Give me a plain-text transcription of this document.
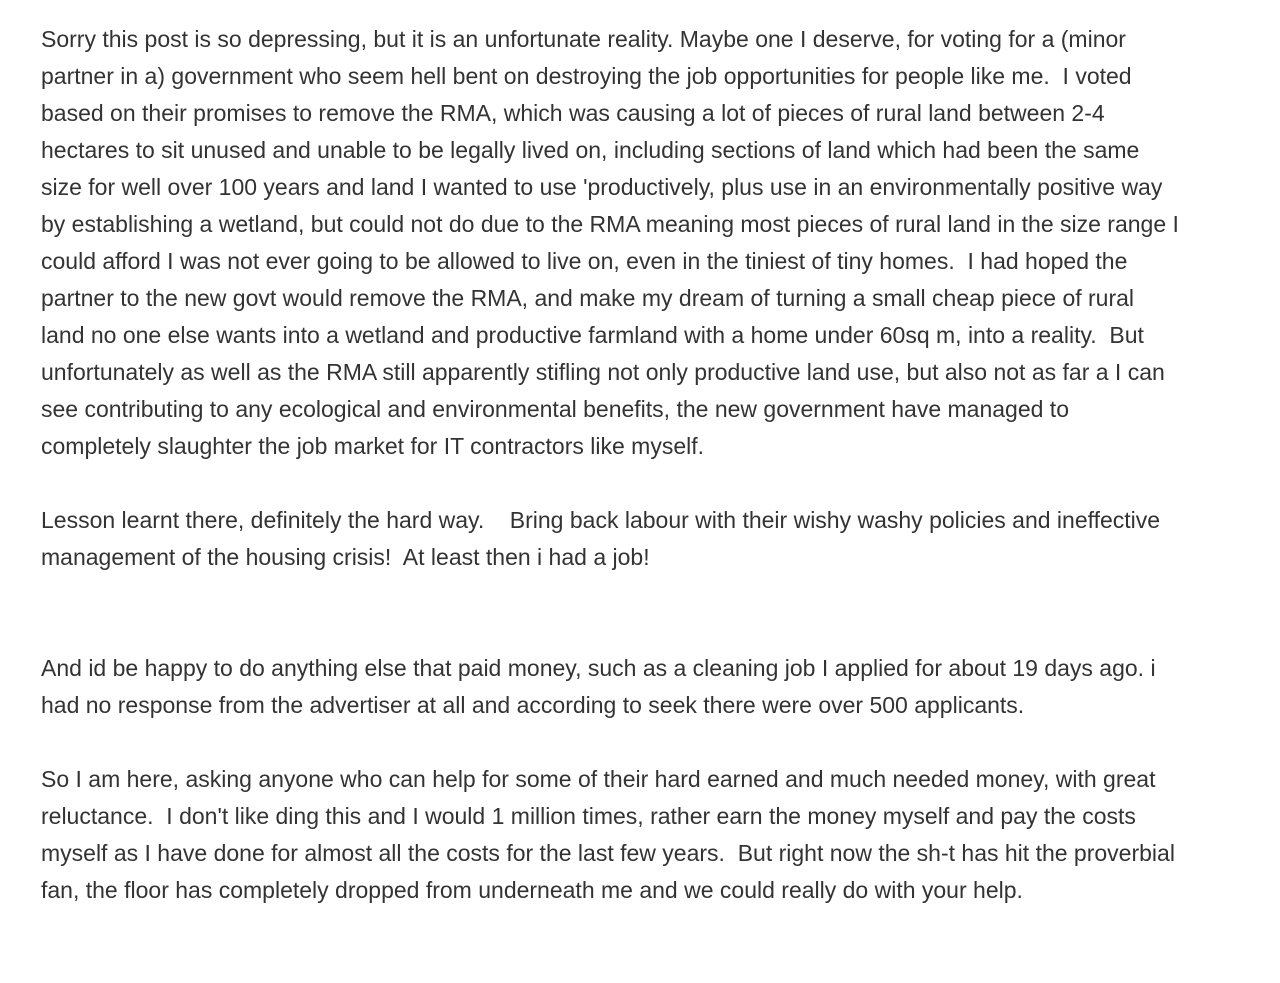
Sorry this post is so depressing, but it is an unfortunate reality. Maybe one I deserve, for voting for a (minor partner in a) government who seem hell bent on destroying the job opportunities for people like me.  I voted based on their promises to remove the RMA, which was causing a lot of pieces of rural land between 2-4 hectares to sit unused and unable to be legally lived on, including sections of land which had been the same size for well over 100 years and land I wanted to use 'productively, plus use in an environmentally positive way by establishing a wetland, but could not do due to the RMA meaning most pieces of rural land in the size range I could afford I was not ever going to be allowed to live on, even in the tiniest of tiny homes.  I had hoped the partner to the new govt would remove the RMA, and make my dream of turning a small cheap piece of rural land no one else wants into a wetland and productive farmland with a home under 60sq m, into a reality.  But unfortunately as well as the RMA still apparently stifling not only productive land use, but also not as far a I can see contributing to any ecological and environmental benefits, the new government have managed to completely slaughter the job market for IT contractors like myself.

Lesson learnt there, definitely the hard way.    Bring back labour with their wishy washy policies and ineffective management of the housing crisis!  At least then i had a job!

And id be happy to do anything else that paid money, such as a cleaning job I applied for about 19 days ago. i had no response from the advertiser at all and according to seek there were over 500 applicants.

So I am here, asking anyone who can help for some of their hard earned and much needed money, with great reluctance.  I don't like ding this and I would 1 million times, rather earn the money myself and pay the costs myself as I have done for almost all the costs for the last few years.  But right now the sh-t has hit the proverbial fan, the floor has completely dropped from underneath me and we could really do with your help.
